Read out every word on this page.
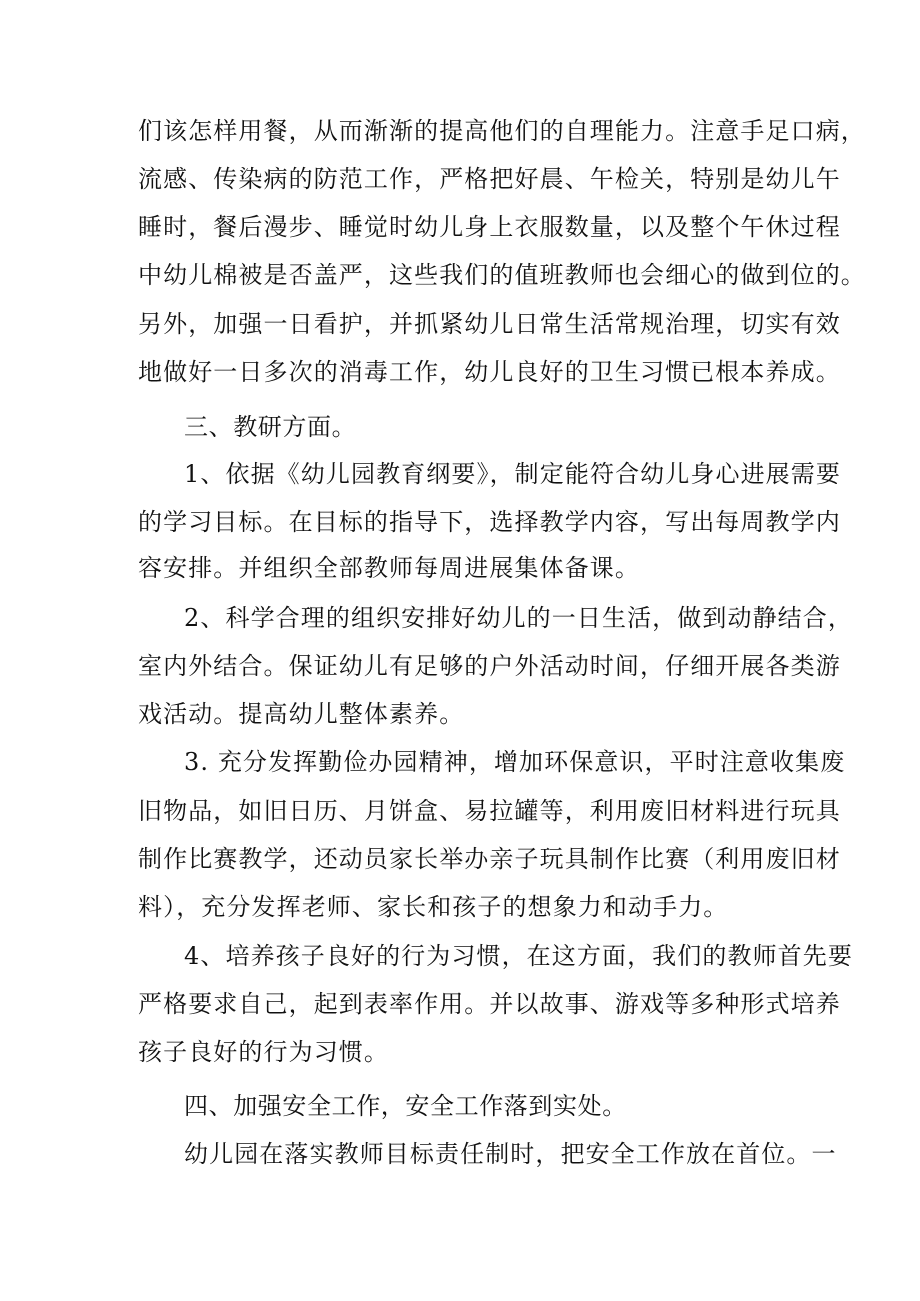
们该怎样用餐，从而渐渐的提高他们的自理能力。注意手足口病，
流感、传染病的防范工作，严格把好晨、午检关，特别是幼儿午
睡时，餐后漫步、睡觉时幼儿身上衣服数量，以及整个午休过程
中幼儿棉被是否盖严，这些我们的值班教师也会细心的做到位的。
另外，加强一日看护，并抓紧幼儿日常生活常规治理，切实有效
地做好一日多次的消毒工作，幼儿良好的卫生习惯已根本养成。
三、教研方面。
1、依据《幼儿园教育纲要》，制定能符合幼儿身心进展需要
的学习目标。在目标的指导下，选择教学内容，写出每周教学内
容安排。并组织全部教师每周进展集体备课。
2、科学合理的组织安排好幼儿的一日生活，做到动静结合，
室内外结合。保证幼儿有足够的户外活动时间，仔细开展各类游
戏活动。提高幼儿整体素养。
3. 充分发挥勤俭办园精神，增加环保意识，平时注意收集废
旧物品，如旧日历、月饼盒、易拉罐等，利用废旧材料进行玩具
制作比赛教学，还动员家长举办亲子玩具制作比赛（利用废旧材
料），充分发挥老师、家长和孩子的想象力和动手力。
4、培养孩子良好的行为习惯，在这方面，我们的教师首先要
严格要求自己，起到表率作用。并以故事、游戏等多种形式培养
孩子良好的行为习惯。
四、加强安全工作，安全工作落到实处。
幼儿园在落实教师目标责任制时，把安全工作放在首位。一
